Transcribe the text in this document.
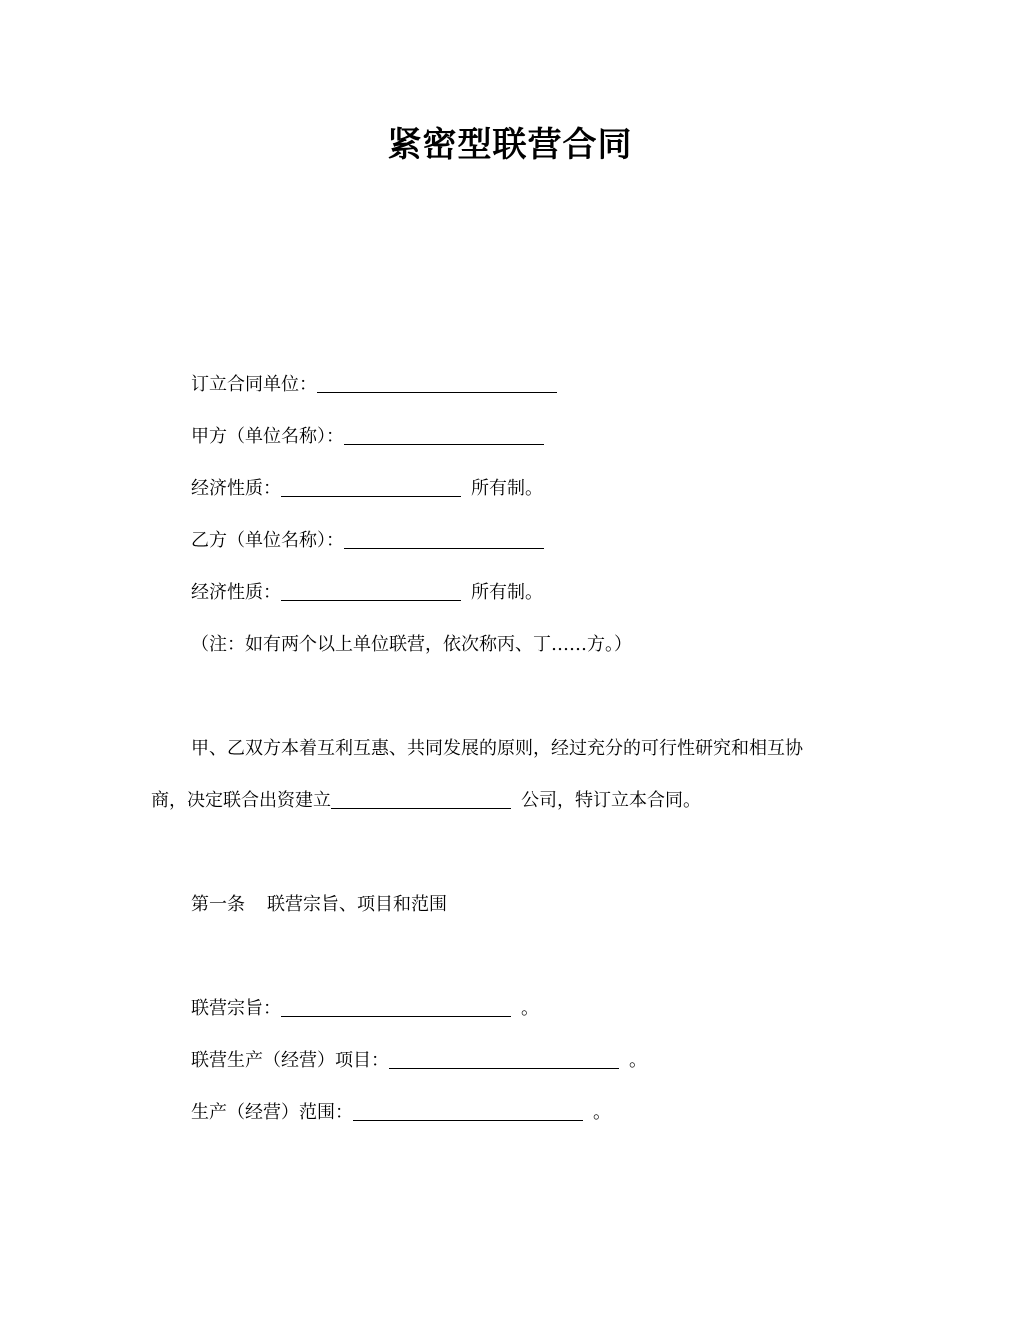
紧密型联营合同
订立合同单位：
甲方（单位名称）：
经济性质：	所有制。
乙方（单位名称）：
经济性质：	所有制。
（注：如有两个以上单位联营，依次称丙、丁……方。）
甲、乙双方本着互利互惠、共同发展的原则，经过充分的可行性研究和相互协
商，决定联合出资建立	公司，特订立本合同。
第一条 联营宗旨、项目和范围
联营宗旨：	。
联营生产（经营）项目：	。
生产（经营）范围：	。
